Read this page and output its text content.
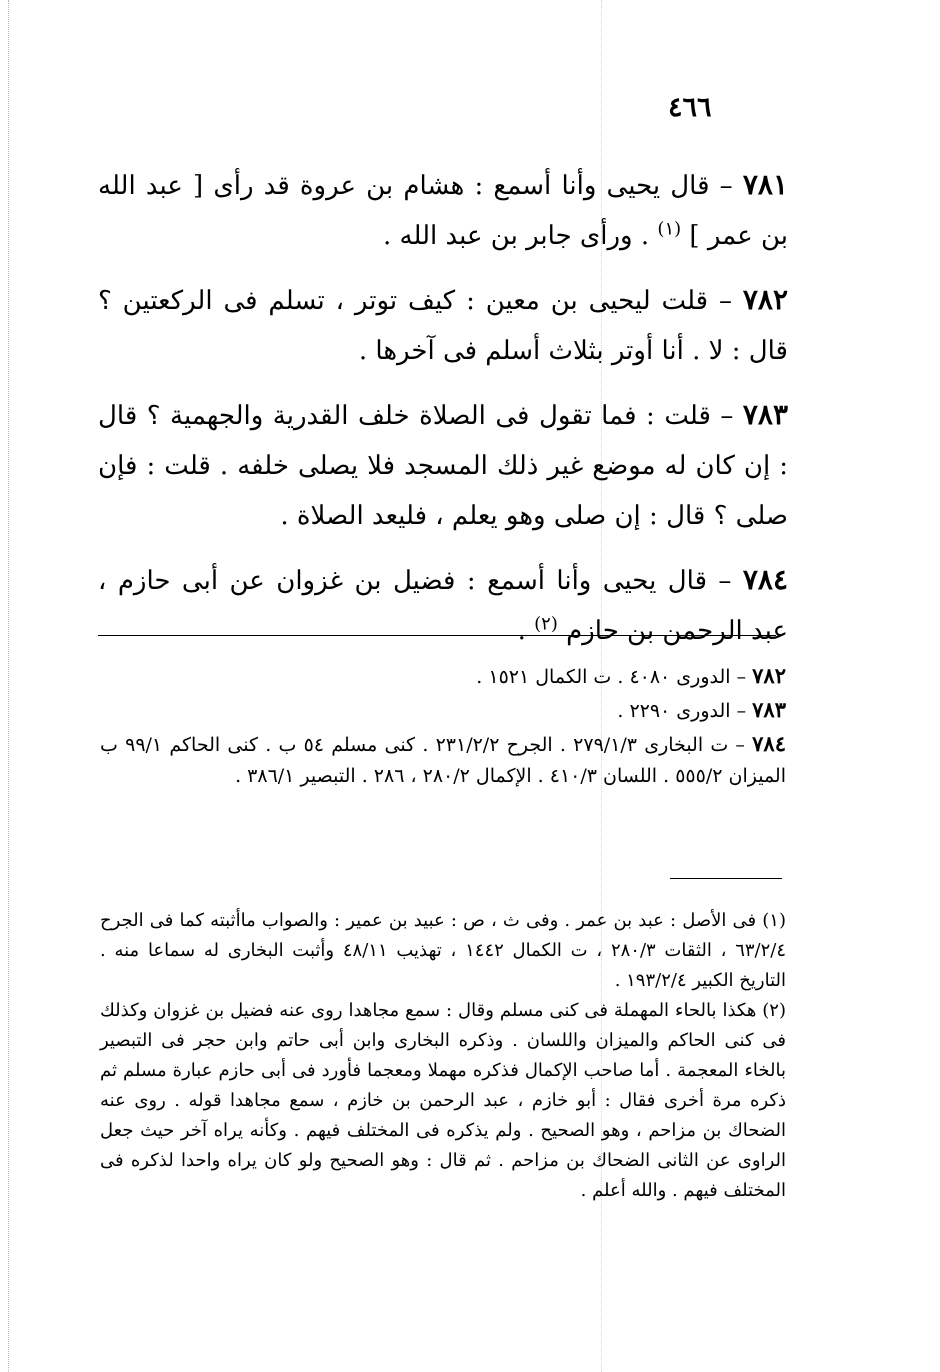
٤٦٦

٧٨١ – قال يحيى وأنا أسمع : هشام بن عروة قد رأى [ عبد الله بن عمر ] $^{(١)}$ . ورأى جابر بن عبد الله .

٧٨٢ – قلت ليحيى بن معين : كيف توتر ، تسلم فى الركعتين ؟ قال : لا . أنا أوتر بثلاث أسلم فى آخرها .

٧٨٣ – قلت : فما تقول فى الصلاة خلف القدرية والجهمية ؟ قال : إن كان له موضع غير ذلك المسجد فلا يصلى خلفه . قلت : فإن صلى ؟ قال : إن صلى وهو يعلم ، فليعد الصلاة .

٧٨٤ – قال يحيى وأنا أسمع : فضيل بن غزوان عن أبى حازم ، عبد الرحمن بن حازم $^{(٢)}$ .

٧٨٢ – الدورى ٤٠٨٠ . ت الكمال ١٥٢١ .

٧٨٣ – الدورى ٢٢٩٠ .

٧٨٤ – ت البخارى ٢٧٩/١/٣ . الجرح ٢٣١/٢/٢ . كنى مسلم ٥٤ ب . كنى الحاكم ٩٩/١ ب الميزان ٥٥٥/٢ . اللسان ٤١٠/٣ . الإكمال ٢٨٠/٢ ، ٢٨٦ . التبصير ٣٨٦/١ .

(١) فى الأصل : عبد بن عمر . وفى ث ، ص : عبيد بن عمير : والصواب ماأثبته كما فى الجرح ٦٣/٢/٤ ، الثقات ٢٨٠/٣ ، ت الكمال ١٤٤٢ ، تهذيب ٤٨/١١ وأثبت البخارى له سماعا منه . التاريخ الكبير ١٩٣/٢/٤ .

(٢) هكذا بالحاء المهملة فى كنى مسلم وقال : سمع مجاهدا روى عنه فضيل بن غزوان وكذلك فى كنى الحاكم والميزان واللسان . وذكره البخارى وابن أبى حاتم وابن حجر فى التبصير بالخاء المعجمة . أما صاحب الإكمال فذكره مهملا ومعجما فأورد فى أبى حازم عبارة مسلم ثم ذكره مرة أخرى فقال : أبو خازم ، عبد الرحمن بن خازم ، سمع مجاهدا قوله . روى عنه الضحاك بن مزاحم ، وهو الصحيح . ولم يذكره فى المختلف فيهم . وكأنه يراه آخر حيث جعل الراوى عن الثانى الضحاك بن مزاحم . ثم قال : وهو الصحيح ولو كان يراه واحدا لذكره فى المختلف فيهم . والله أعلم .
